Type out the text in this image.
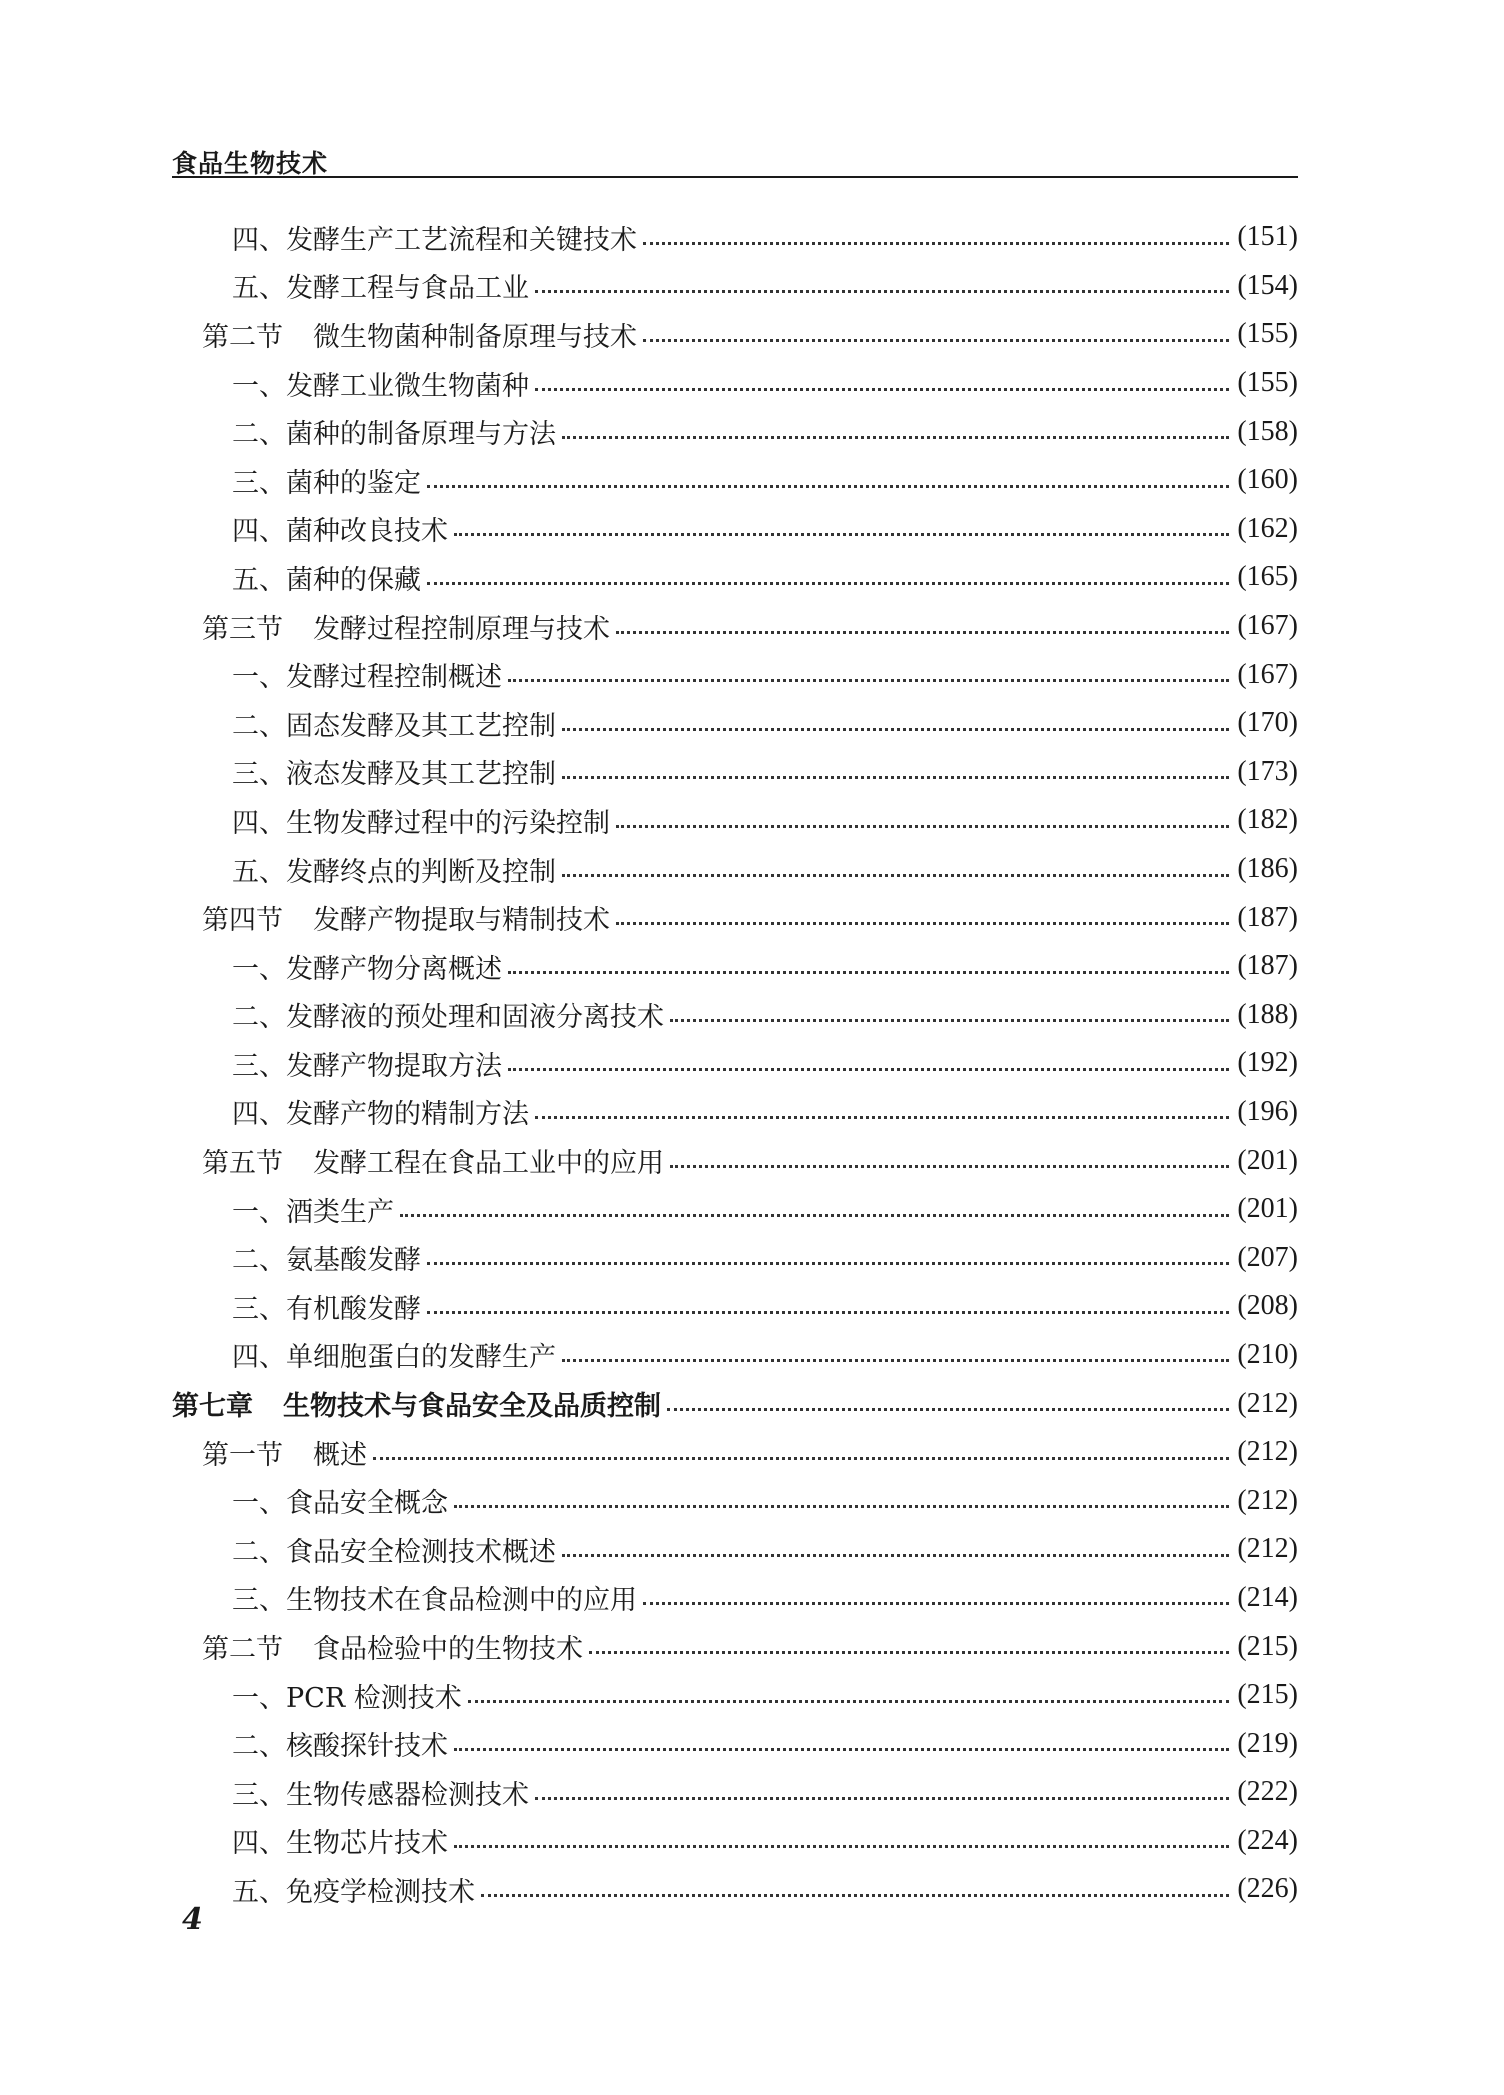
食品生物技术
四、发酵生产工艺流程和关键技术	(151)
五、发酵工程与食品工业	(154)
第二节 微生物菌种制备原理与技术	(155)
一、发酵工业微生物菌种	(155)
二、菌种的制备原理与方法	(158)
三、菌种的鉴定	(160)
四、菌种改良技术	(162)
五、菌种的保藏	(165)
第三节 发酵过程控制原理与技术	(167)
一、发酵过程控制概述	(167)
二、固态发酵及其工艺控制	(170)
三、液态发酵及其工艺控制	(173)
四、生物发酵过程中的污染控制	(182)
五、发酵终点的判断及控制	(186)
第四节 发酵产物提取与精制技术	(187)
一、发酵产物分离概述	(187)
二、发酵液的预处理和固液分离技术	(188)
三、发酵产物提取方法	(192)
四、发酵产物的精制方法	(196)
第五节 发酵工程在食品工业中的应用	(201)
一、酒类生产	(201)
二、氨基酸发酵	(207)
三、有机酸发酵	(208)
四、单细胞蛋白的发酵生产	(210)
第七章 生物技术与食品安全及品质控制	(212)
第一节 概述	(212)
一、食品安全概念	(212)
二、食品安全检测技术概述	(212)
三、生物技术在食品检测中的应用	(214)
第二节 食品检验中的生物技术	(215)
一、PCR 检测技术	(215)
二、核酸探针技术	(219)
三、生物传感器检测技术	(222)
四、生物芯片技术	(224)
五、免疫学检测技术	(226)
4
